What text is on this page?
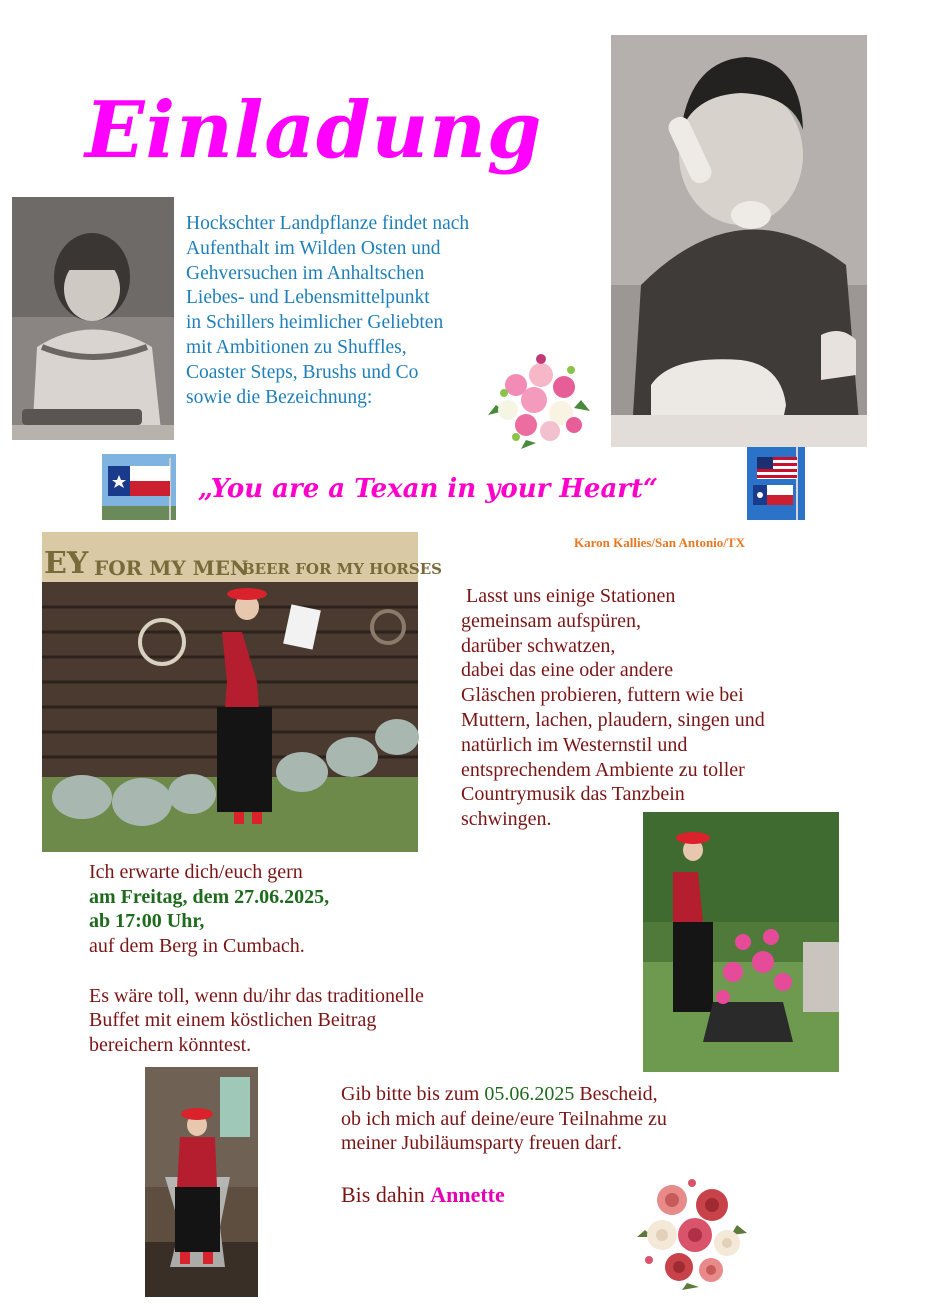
Einladung
Hockschter Landpflanze findet nach
Aufenthalt im Wilden Osten und
Gehversuchen im Anhaltschen
Liebes- und Lebensmittelpunkt
in Schillers heimlicher Geliebten
mit Ambitionen zu Shuffles,
Coaster Steps, Brushs und Co
sowie die Bezeichnung:
„You are a Texan in your Heart“
Karon Kallies/San Antonio/TX
EY FOR MY MEN
BEER FOR MY HORSES
Lasst uns einige Stationen
gemeinsam aufspüren,
darüber schwatzen,
dabei das eine oder andere
Gläschen probieren, futtern wie bei
Muttern, lachen, plaudern, singen und
natürlich im Westernstil und
entsprechendem Ambiente zu toller
Countrymusik das Tanzbein
schwingen.
Ich erwarte dich/euch gern
am Freitag, dem 27.06.2025,
ab 17:00 Uhr,
auf dem Berg in Cumbach.
Es wäre toll, wenn du/ihr das traditionelle
Buffet mit einem köstlichen Beitrag
bereichern könntest.
Gib bitte bis zum 05.06.2025 Bescheid,
ob ich mich auf deine/eure Teilnahme zu
meiner Jubiläumsparty freuen darf.
Bis dahin Annette
